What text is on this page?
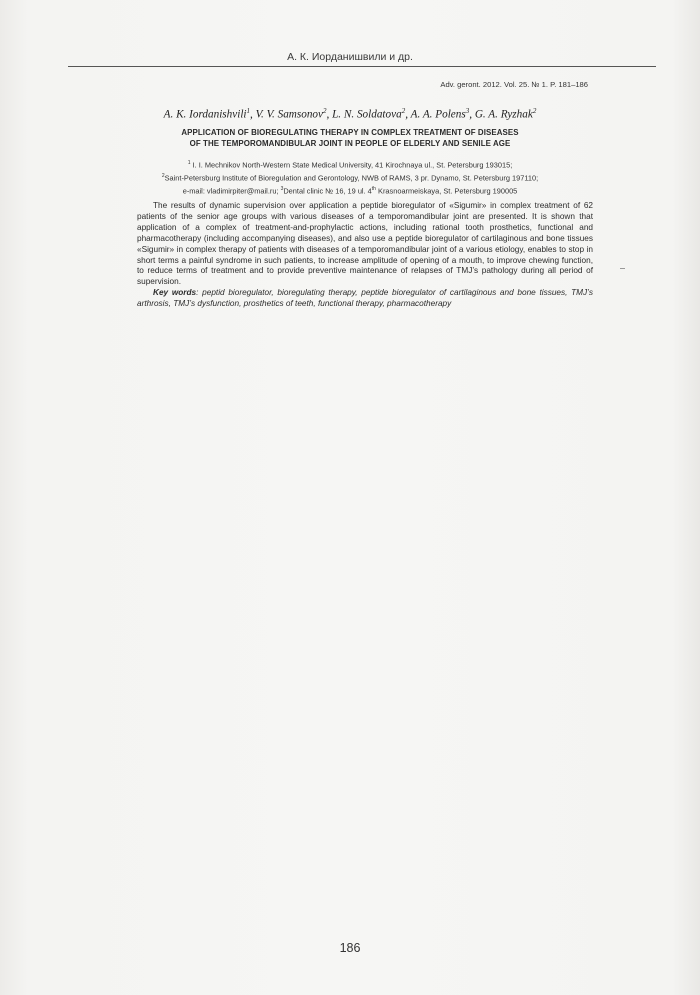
А. К. Иорданишвили и др.
Adv. geront. 2012. Vol. 25. № 1. P. 181–186
A. K. Iordanishvili$^1$, V. V. Samsonov$^2$, L. N. Soldatova$^2$, A. A. Polens$^3$, G. A. Ryzhak$^2$
APPLICATION OF BIOREGULATING THERAPY IN COMPLEX TREATMENT OF DISEASES
OF THE TEMPOROMANDIBULAR JOINT IN PEOPLE OF ELDERLY AND SENILE AGE
$^1$ I. I. Mechnikov North-Western State Medical University, 41 Kirochnaya ul., St. Petersburg 193015;
$^2$Saint-Petersburg Institute of Bioregulation and Gerontology, NWB of RAMS, 3 pr. Dynamo, St. Petersburg 197110;
e-mail: vladimirpiter@mail.ru; $^3$Dental clinic № 16, 19 ul. 4th Krasnoarmeiskaya, St. Petersburg 190005

The results of dynamic supervision over application a peptide bioregulator of «Sigumir» in complex treatment of 62 patients of the senior age groups with various diseases of a temporomandibular joint are presented. It is shown that application of a complex of treatment-and-prophylactic actions, including rational tooth prosthetics, functional and pharmacotherapy (including accompanying diseases), and also use a peptide bioregulator of cartilaginous and bone tissues «Sigumir» in complex therapy of patients with diseases of a temporomandibular joint of a various etiology, enables to stop in short terms a painful syndrome in such patients, to increase amplitude of opening of a mouth, to improve chewing function, to reduce terms of treatment and to provide preventive maintenance of relapses of TMJ’s pathology during all period of supervision.

Key words: peptid bioregulator, bioregulating therapy, peptide bioregulator of cartilaginous and bone tissues, TMJ’s arthrosis, TMJ’s dysfunction, prosthetics of teeth, functional therapy, pharmacotherapy

186
